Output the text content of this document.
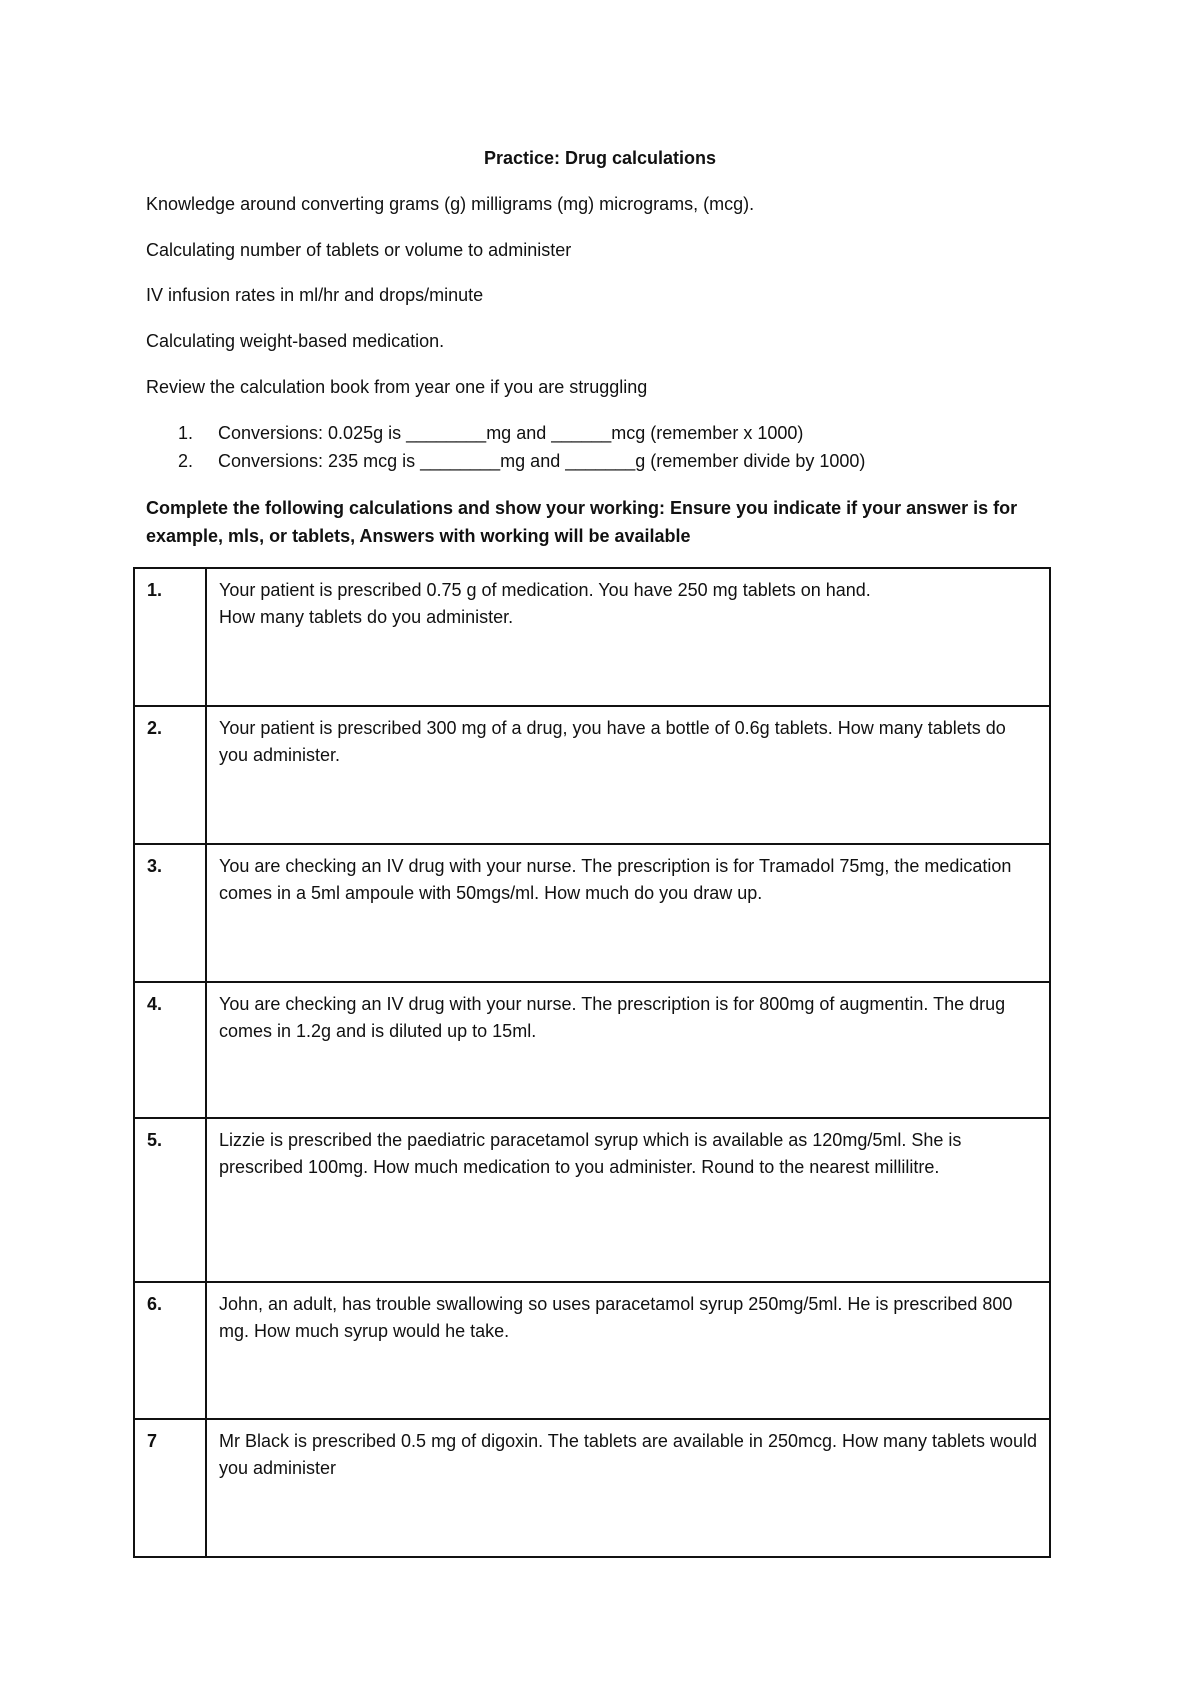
Practice: Drug calculations
Knowledge around converting grams (g) milligrams (mg) micrograms, (mcg).
Calculating number of tablets or volume to administer
IV infusion rates in ml/hr and drops/minute
Calculating weight-based medication.
Review the calculation book from year one if you are struggling
1. Conversions: 0.025g is ________mg and ______mcg (remember x 1000)
2. Conversions: 235 mcg is ________mg and _______g (remember divide by 1000)
Complete the following calculations and show your working: Ensure you indicate if your answer is for example, mls, or tablets, Answers with working will be available
1.	Your patient is prescribed 0.75 g of medication. You have 250 mg tablets on hand.
How many tablets do you administer.
2.	Your patient is prescribed 300 mg of a drug, you have a bottle of 0.6g tablets. How many tablets do you administer.
3.	You are checking an IV drug with your nurse. The prescription is for Tramadol 75mg, the medication comes in a 5ml ampoule with 50mgs/ml. How much do you draw up.
4.	You are checking an IV drug with your nurse. The prescription is for 800mg of augmentin. The drug comes in 1.2g and is diluted up to 15ml.
5.	Lizzie is prescribed the paediatric paracetamol syrup which is available as 120mg/5ml. She is prescribed 100mg. How much medication to you administer. Round to the nearest millilitre.
6.	John, an adult, has trouble swallowing so uses paracetamol syrup 250mg/5ml. He is prescribed 800 mg. How much syrup would he take.
7	Mr Black is prescribed 0.5 mg of digoxin. The tablets are available in 250mcg. How many tablets would you administer
